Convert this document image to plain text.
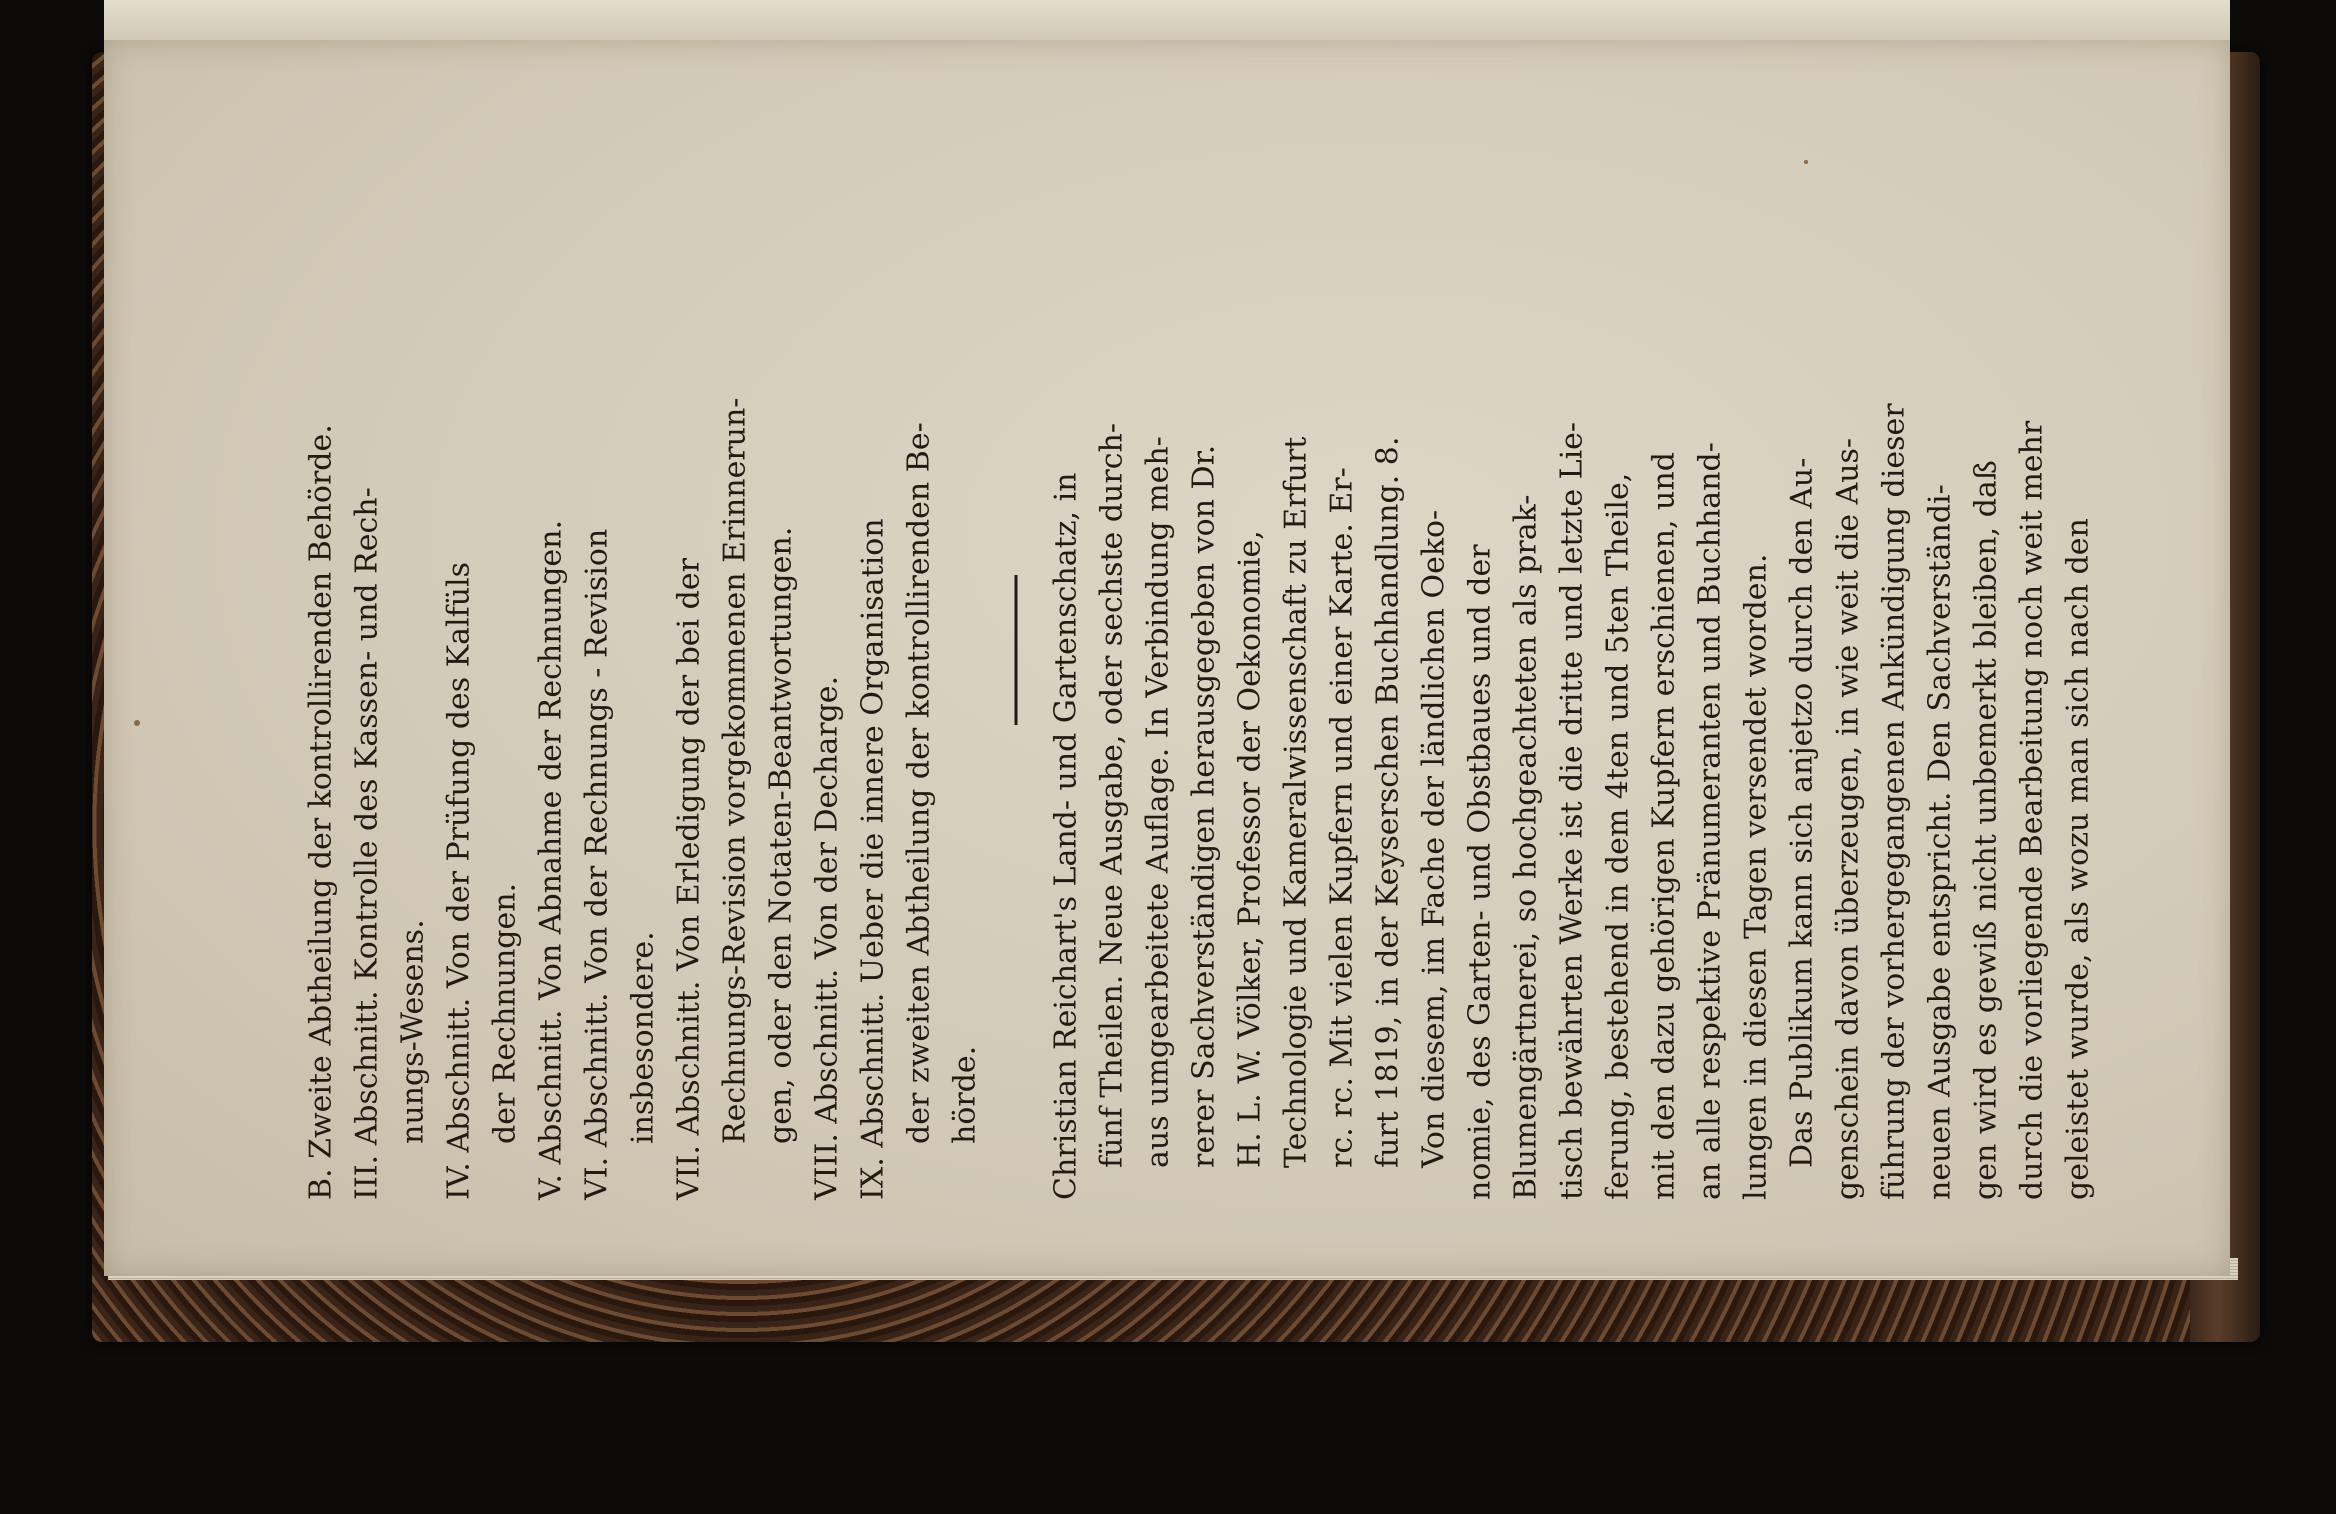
B. Zweite Abtheilung der kontrollirenden Behörde. III. Abschnitt. Kontrolle des Kassen- und Rech- nungs-Wesens. IV. Abschnitt. Von der Prüfung des Kalfüls der Rechnungen. V. Abschnitt. Von Abnahme der Rechnungen. VI. Abschnitt. Von der Rechnungs - Revision insbesondere. VII. Abschnitt. Von Erledigung der bei der Rechnungs-Revision vorgekommenen Erinnerun- gen, oder den Notaten-Beantwortungen. VIII. Abschnitt. Von der Decharge. IX. Abschnitt. Ueber die innere Organisation der zweiten Abtheilung der kontrollirenden Be- hörde. Christian Reichart's Land- und Gartenschatz, in fünf Theilen. Neue Ausgabe, oder sechste durch- aus umgearbeitete Auflage. In Verbindung meh- rerer Sachverständigen herausgegeben von Dr. H. L. W. Völker, Professor der Oekonomie, Technologie und Kameralwissenschaft zu Erfurt rc. rc. Mit vielen Kupfern und einer Karte. Er- furt 1819, in der Keyserschen Buchhandlung. 8. Von diesem, im Fache der ländlichen Oeko- nomie, des Garten- und Obstbaues und der Blumengärtnerei, so hochgeachteten als prak- tisch bewährten Werke ist die dritte und letzte Lie- ferung, bestehend in dem 4ten und 5ten Theile, mit den dazu gehörigen Kupfern erschienen, und an alle respektive Pränumeranten und Buchhand- lungen in diesen Tagen versendet worden. Das Publikum kann sich anjetzo durch den Au- genschein davon überzeugen, in wie weit die Aus- führung der vorhergegangenen Ankündigung dieser neuen Ausgabe entspricht. Den Sachverständi- gen wird es gewiß nicht unbemerkt bleiben, daß durch die vorliegende Bearbeitung noch weit mehr geleistet wurde, als wozu man sich nach den
